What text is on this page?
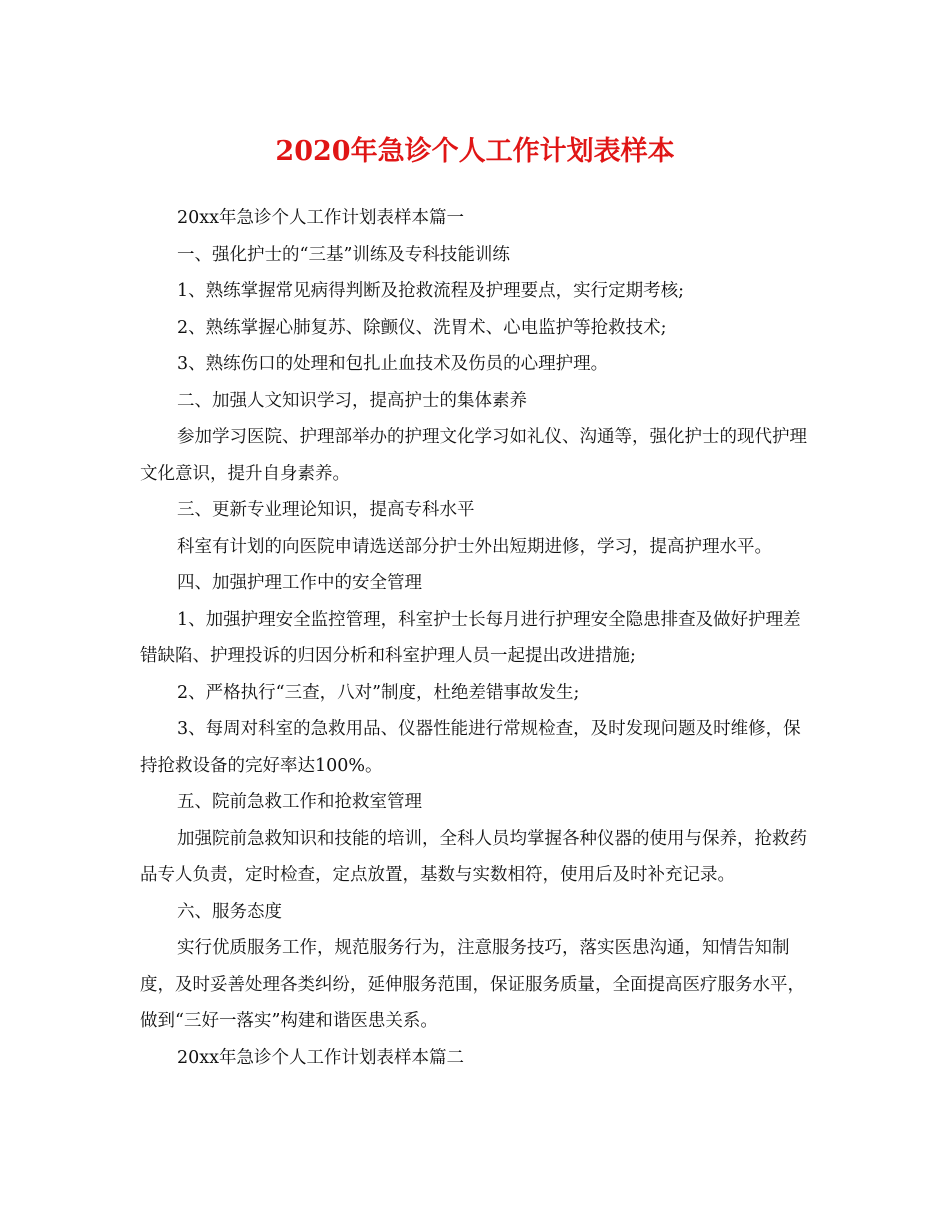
2020年急诊个人工作计划表样本

20xx年急诊个人工作计划表样本篇一

一、强化护士的“三基”训练及专科技能训练

1、熟练掌握常见病得判断及抢救流程及护理要点，实行定期考核;

2、熟练掌握心肺复苏、除颤仪、洗胃术、心电监护等抢救技术;

3、熟练伤口的处理和包扎止血技术及伤员的心理护理。

二、加强人文知识学习，提高护士的集体素养

参加学习医院、护理部举办的护理文化学习如礼仪、沟通等，强化护士的现代护理文化意识，提升自身素养。

三、更新专业理论知识，提高专科水平

科室有计划的向医院申请选送部分护士外出短期进修，学习，提高护理水平。

四、加强护理工作中的安全管理

1、加强护理安全监控管理，科室护士长每月进行护理安全隐患排查及做好护理差错缺陷、护理投诉的归因分析和科室护理人员一起提出改进措施;

2、严格执行“三查，八对”制度，杜绝差错事故发生;

3、每周对科室的急救用品、仪器性能进行常规检查，及时发现问题及时维修，保持抢救设备的完好率达100%。

五、院前急救工作和抢救室管理

加强院前急救知识和技能的培训，全科人员均掌握各种仪器的使用与保养，抢救药品专人负责，定时检查，定点放置，基数与实数相符，使用后及时补充记录。

六、服务态度

实行优质服务工作，规范服务行为，注意服务技巧，落实医患沟通，知情告知制度，及时妥善处理各类纠纷，延伸服务范围，保证服务质量，全面提高医疗服务水平，做到“三好一落实”构建和谐医患关系。

20xx年急诊个人工作计划表样本篇二
